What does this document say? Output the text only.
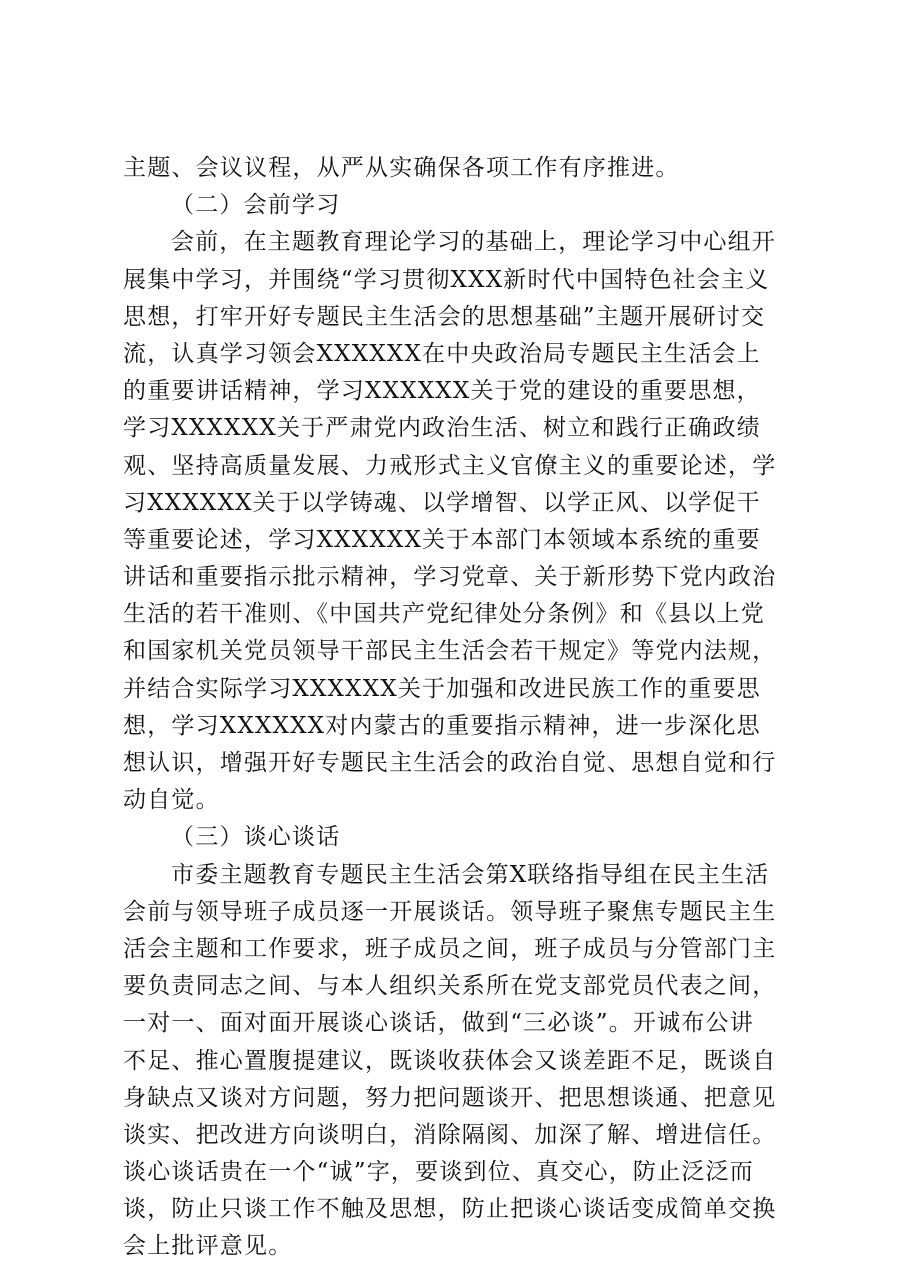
主题、会议议程，从严从实确保各项工作有序推进。
（二）会前学习
会前，在主题教育理论学习的基础上，理论学习中心组开
展集中学习，并围绕“学习贯彻XXX新时代中国特色社会主义
思想，打牢开好专题民主生活会的思想基础”主题开展研讨交
流，认真学习领会XXXXXX在中央政治局专题民主生活会上
的重要讲话精神，学习XXXXXX关于党的建设的重要思想，
学习XXXXXX关于严肃党内政治生活、树立和践行正确政绩
观、坚持高质量发展、力戒形式主义官僚主义的重要论述，学
习XXXXXX关于以学铸魂、以学增智、以学正风、以学促干
等重要论述，学习XXXXXX关于本部门本领域本系统的重要
讲话和重要指示批示精神，学习党章、关于新形势下党内政治
生活的若干准则、《中国共产党纪律处分条例》和《县以上党
和国家机关党员领导干部民主生活会若干规定》等党内法规，
并结合实际学习XXXXXX关于加强和改进民族工作的重要思
想，学习XXXXXX对内蒙古的重要指示精神，进一步深化思
想认识，增强开好专题民主生活会的政治自觉、思想自觉和行
动自觉。
（三）谈心谈话
市委主题教育专题民主生活会第X联络指导组在民主生活
会前与领导班子成员逐一开展谈话。领导班子聚焦专题民主生
活会主题和工作要求，班子成员之间，班子成员与分管部门主
要负责同志之间、与本人组织关系所在党支部党员代表之间，
一对一、面对面开展谈心谈话，做到“三必谈”。开诚布公讲
不足、推心置腹提建议，既谈收获体会又谈差距不足，既谈自
身缺点又谈对方问题，努力把问题谈开、把思想谈通、把意见
谈实、把改进方向谈明白，消除隔阂、加深了解、增进信任。
谈心谈话贵在一个“诚”字，要谈到位、真交心，防止泛泛而
谈，防止只谈工作不触及思想，防止把谈心谈话变成简单交换
会上批评意见。
